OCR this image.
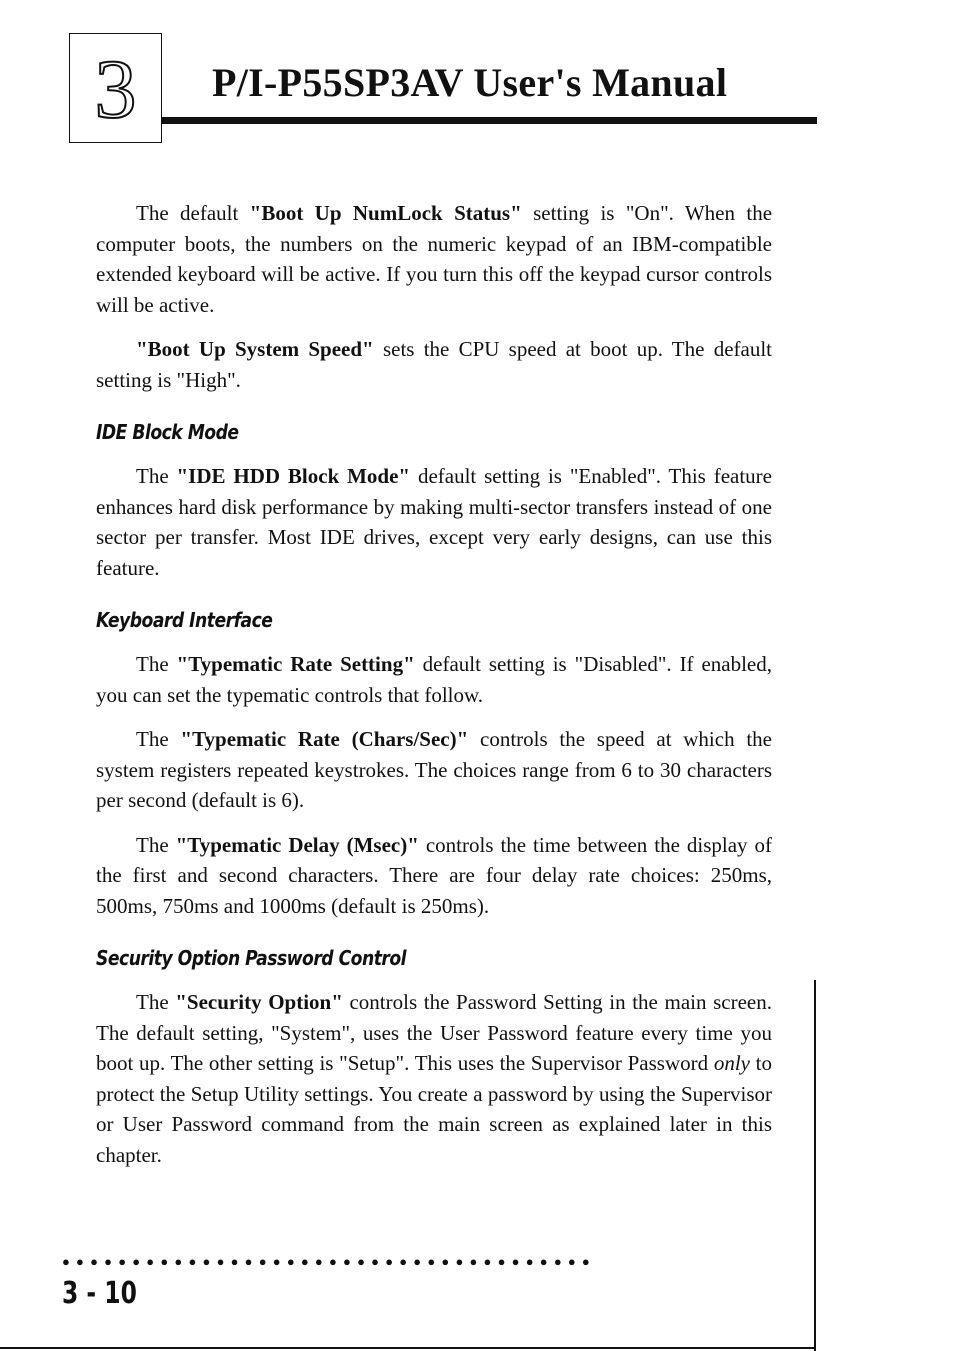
3	P/I-P55SP3AV User's Manual

The default "Boot Up NumLock Status" setting is "On". When the computer boots, the numbers on the numeric keypad of an IBM-compatible extended keyboard will be active. If you turn this off the keypad cursor controls will be active.

"Boot Up System Speed" sets the CPU speed at boot up. The default setting is "High".

IDE Block Mode

The "IDE HDD Block Mode" default setting is "Enabled". This feature enhances hard disk performance by making multi-sector transfers instead of one sector per transfer. Most IDE drives, except very early designs, can use this feature.

Keyboard Interface

The "Typematic Rate Setting" default setting is "Disabled". If enabled, you can set the typematic controls that follow.

The "Typematic Rate (Chars/Sec)" controls the speed at which the system registers repeated keystrokes. The choices range from 6 to 30 characters per second (default is 6).

The "Typematic Delay (Msec)" controls the time between the display of the first and second characters. There are four delay rate choices: 250ms, 500ms, 750ms and 1000ms (default is 250ms).

Security Option Password Control

The "Security Option" controls the Password Setting in the main screen. The default setting, "System", uses the User Password feature every time you boot up. The other setting is "Setup". This uses the Supervisor Password only to protect the Setup Utility settings. You create a password by using the Supervisor or User Password command from the main screen as explained later in this chapter.

●●●●●●●●●●●●●●●●●●●●●●●●●●●●●●●●●●●●●●
3 - 10
